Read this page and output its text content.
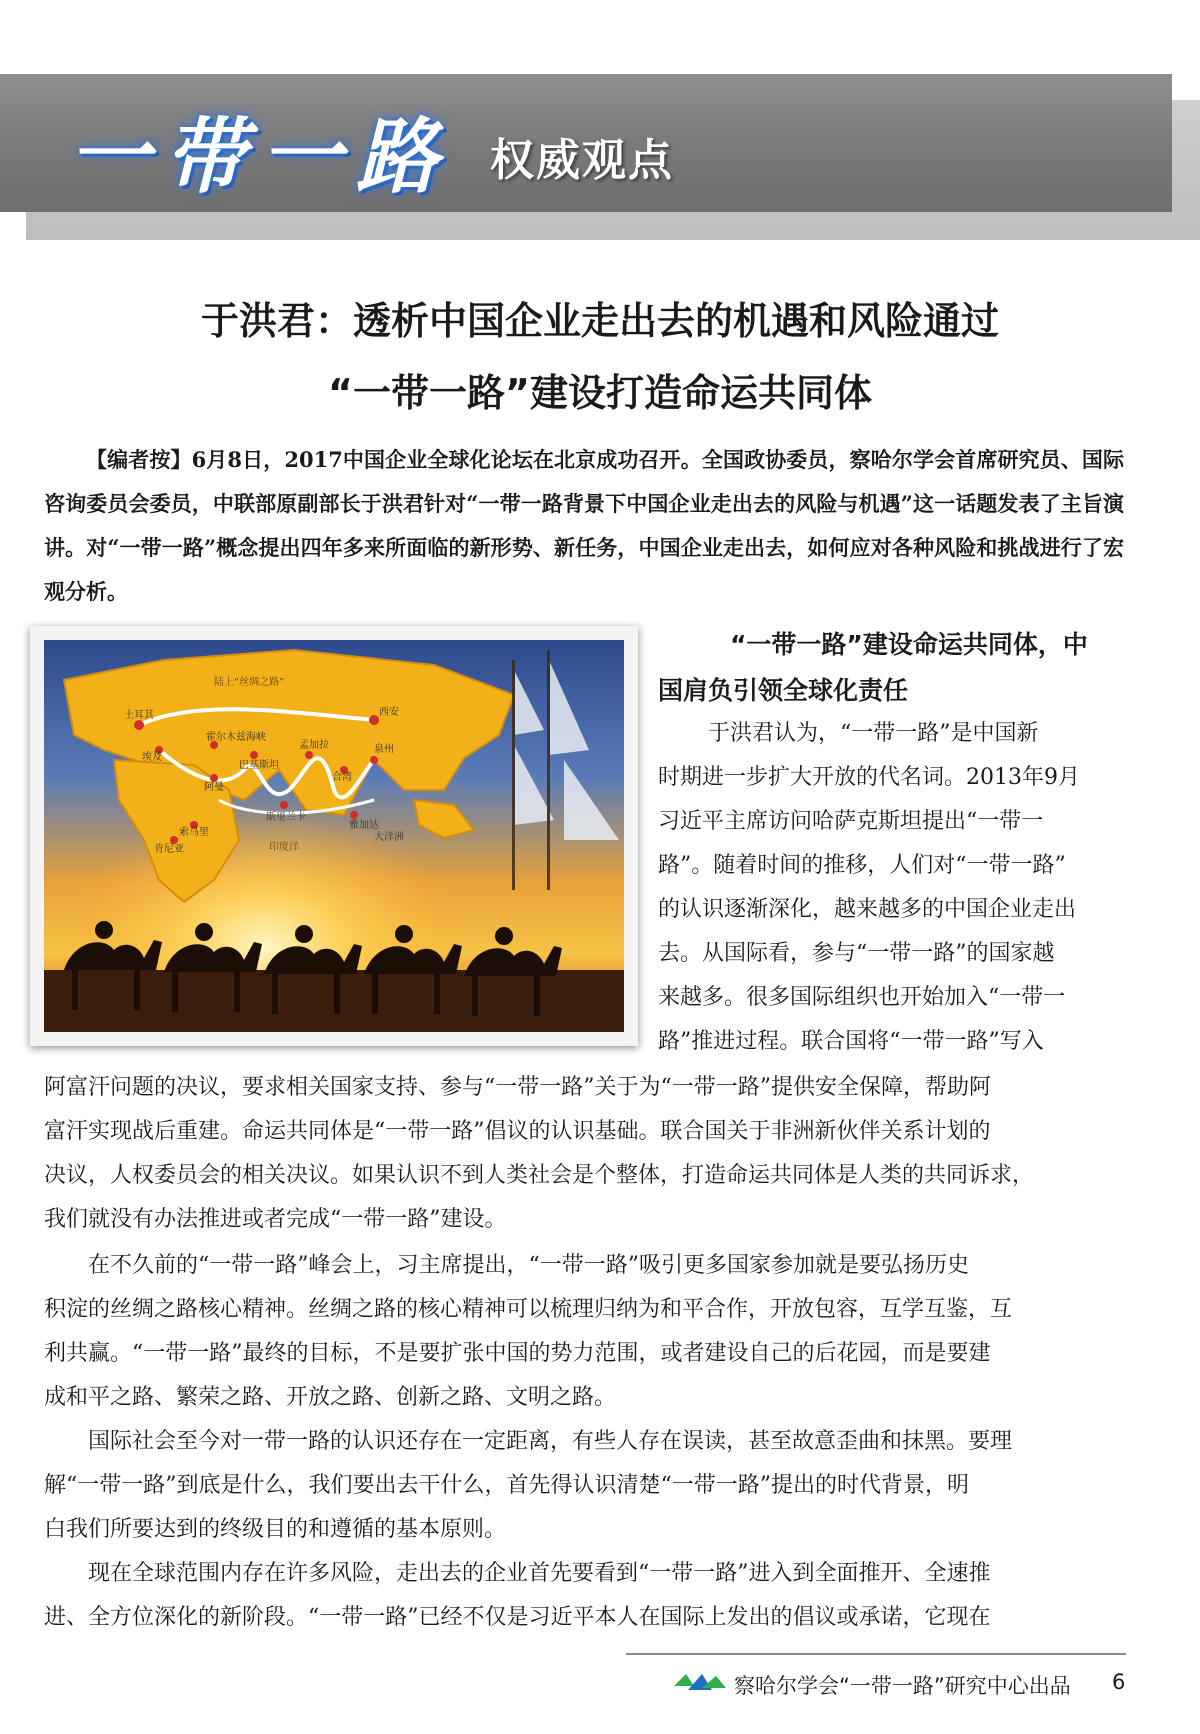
一带一路 权威观点
于洪君：透析中国企业走出去的机遇和风险通过
“一带一路”建设打造命运共同体
【编者按】6月8日，2017中国企业全球化论坛在北京成功召开。全国政协委员，察哈尔学会首席研究员、国际咨询委员会委员，中联部原副部长于洪君针对“一带一路背景下中国企业走出去的风险与机遇”这一话题发表了主旨演讲。对“一带一路”概念提出四年多来所面临的新形势、新任务，中国企业走出去，如何应对各种风险和挑战进行了宏观分析。
土耳其	西安
霍尔木兹海峡
埃及
巴基斯坦
孟加拉	泉州
阿曼
合湾
索马里
斯里兰卡
雅加达
肯尼亚
大洋洲
陆上“丝绸之路”
印度洋
“一带一路”建设命运共同体，中
国肩负引领全球化责任
于洪君认为，“一带一路”是中国新
时期进一步扩大开放的代名词。2013年9月
习近平主席访问哈萨克斯坦提出“一带一
路”。随着时间的推移，人们对“一带一路”
的认识逐渐深化，越来越多的中国企业走出
去。从国际看，参与“一带一路”的国家越
来越多。很多国际组织也开始加入“一带一
路”推进过程。联合国将“一带一路”写入
阿富汗问题的决议，要求相关国家支持、参与“一带一路”关于为“一带一路”提供安全保障，帮助阿
富汗实现战后重建。命运共同体是“一带一路”倡议的认识基础。联合国关于非洲新伙伴关系计划的
决议，人权委员会的相关决议。如果认识不到人类社会是个整体，打造命运共同体是人类的共同诉求，
我们就没有办法推进或者完成“一带一路”建设。
在不久前的“一带一路”峰会上，习主席提出，“一带一路”吸引更多国家参加就是要弘扬历史
积淀的丝绸之路核心精神。丝绸之路的核心精神可以梳理归纳为和平合作，开放包容，互学互鉴，互
利共赢。“一带一路”最终的目标，不是要扩张中国的势力范围，或者建设自己的后花园，而是要建
成和平之路、繁荣之路、开放之路、创新之路、文明之路。
国际社会至今对一带一路的认识还存在一定距离，有些人存在误读，甚至故意歪曲和抹黑。要理
解“一带一路”到底是什么，我们要出去干什么，首先得认识清楚“一带一路”提出的时代背景，明
白我们所要达到的终级目的和遵循的基本原则。
现在全球范围内存在许多风险，走出去的企业首先要看到“一带一路”进入到全面推开、全速推
进、全方位深化的新阶段。“一带一路”已经不仅是习近平本人在国际上发出的倡议或承诺，它现在
察哈尔学会“一带一路”研究中心出品 6
